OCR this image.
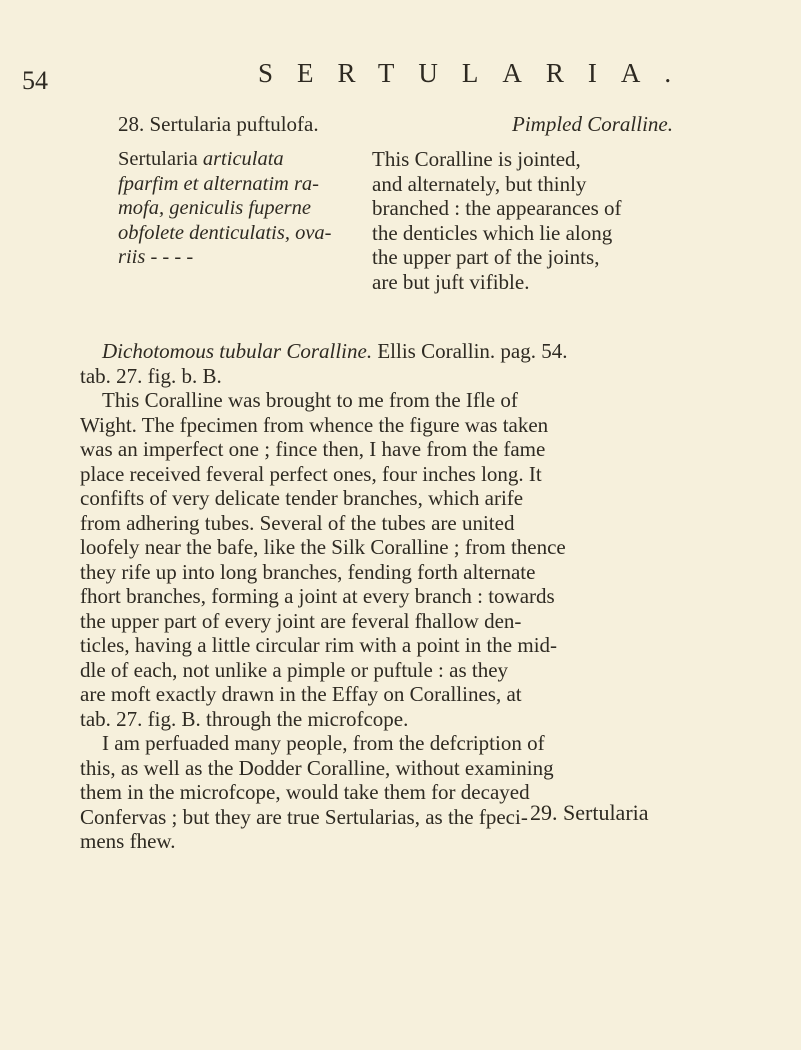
54	SERTULARIA.
28. Sertularia puftulofa.	Pimpled Coralline.
Sertularia articulata
fparfim et alternatim ra-
mofa, geniculis fuperne
obfolete denticulatis, ova-
riis - - - -
This Coralline is jointed,
and alternately, but thinly
branched : the appearances of
the denticles which lie along
the upper part of the joints,
are but juft vifible.
Dichotomous tubular Coralline. Ellis Corallin. pag. 54.
tab. 27. fig. b. B.
This Coralline was brought to me from the Ifle of
Wight. The fpecimen from whence the figure was taken
was an imperfect one ; fince then, I have from the fame
place received feveral perfect ones, four inches long. It
confifts of very delicate tender branches, which arife
from adhering tubes. Several of the tubes are united
loofely near the bafe, like the Silk Coralline ; from thence
they rife up into long branches, fending forth alternate
fhort branches, forming a joint at every branch : towards
the upper part of every joint are feveral fhallow den-
ticles, having a little circular rim with a point in the mid-
dle of each, not unlike a pimple or puftule : as they
are moft exactly drawn in the Effay on Corallines, at
tab. 27. fig. B. through the microfcope.
I am perfuaded many people, from the defcription of
this, as well as the Dodder Coralline, without examining
them in the microfcope, would take them for decayed
Confervas ; but they are true Sertularias, as the fpeci-
mens fhew.
29. Sertularia
